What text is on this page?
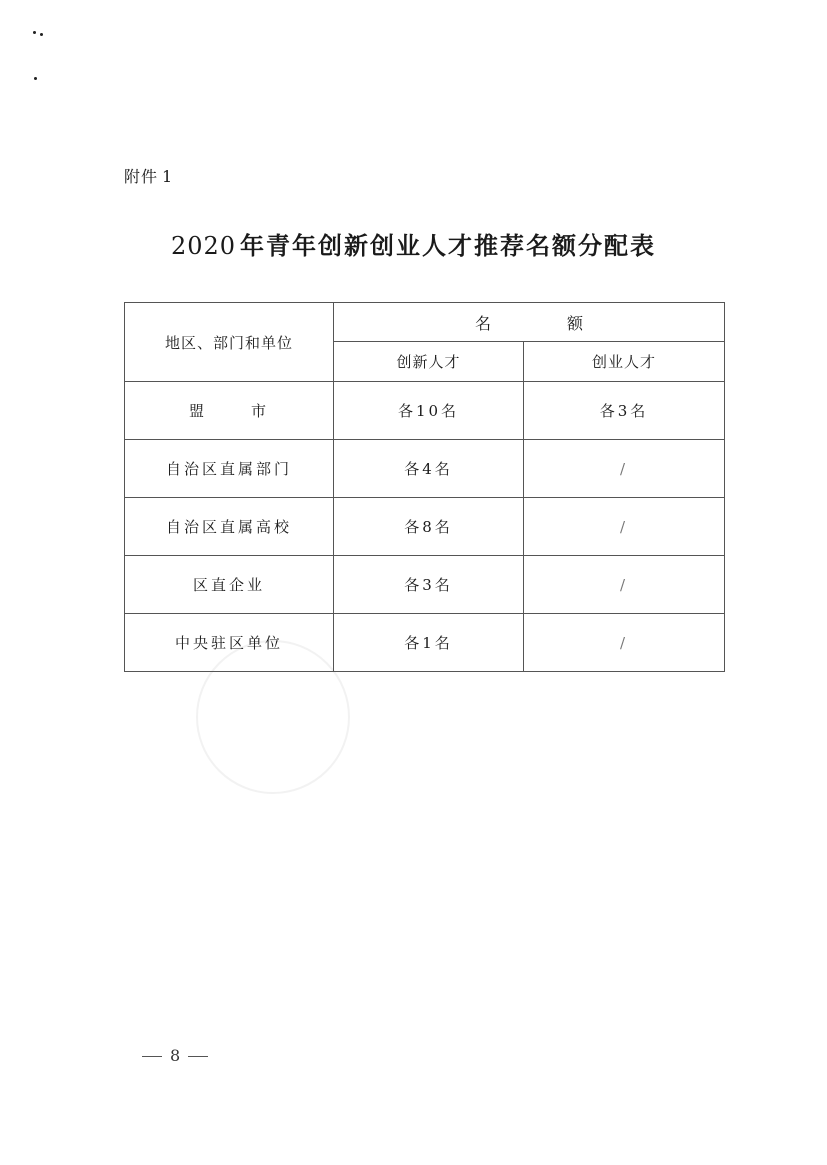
附件 1
2020 年青年创新创业人才推荐名额分配表
地区、部门和单位	名 额	
	创新人才	创业人才
盟 市	各10名	各3名
自治区直属部门	各4名	/
自治区直属高校	各8名	/
区直企业	各3名	/
中央驻区单位	各1名	/
8
